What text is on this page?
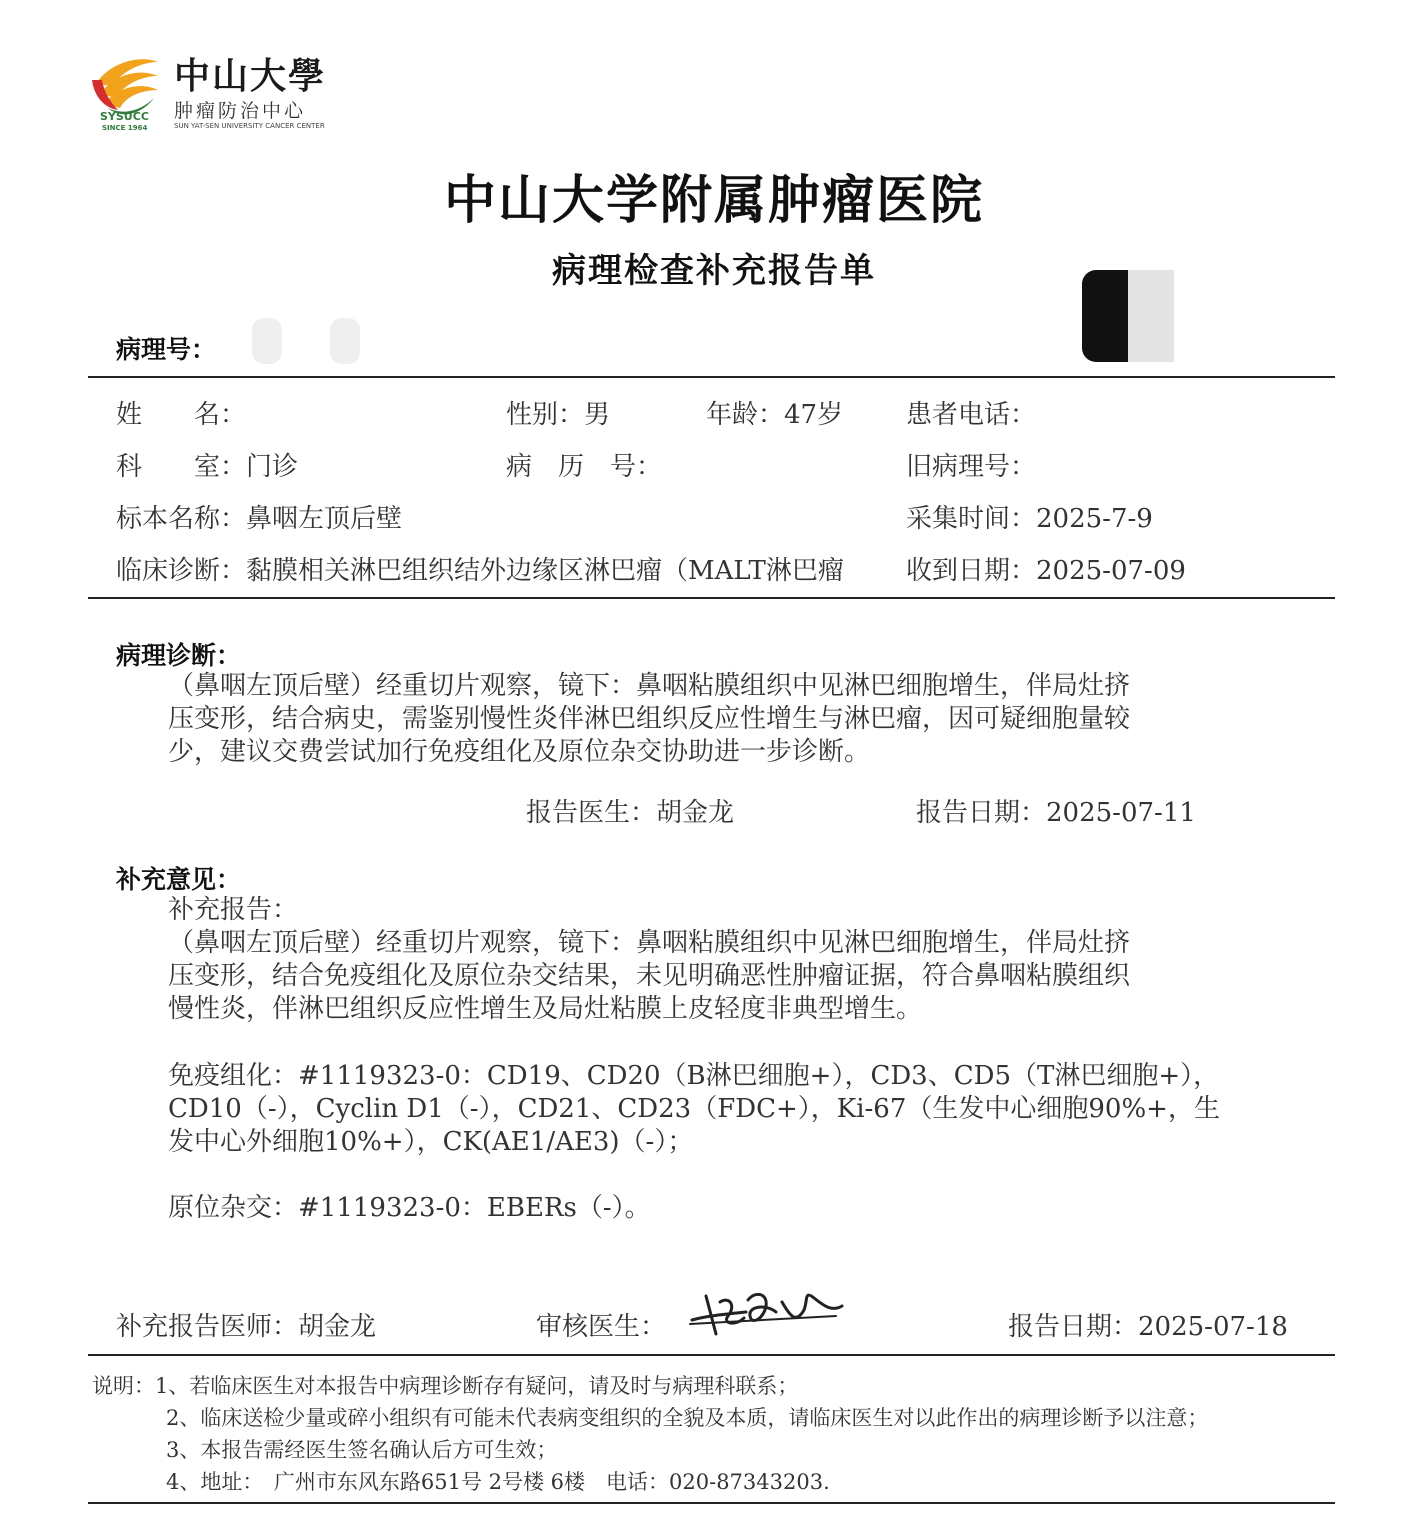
中山大學
肿瘤防治中心
SUN YAT-SEN UNIVERSITY CANCER CENTER
SYSUCC
SINCE 1964
中山大学附属肿瘤医院
病理检查补充报告单
病理号：
姓　　名：	性别：男	年龄：47岁 患者电话：
科　　室：门诊	病　历　号：	旧病理号：
标本名称：鼻咽左顶后壁	采集时间：2025-7-9
临床诊断：黏膜相关淋巴组织结外边缘区淋巴瘤（MALT淋巴瘤 收到日期：2025-07-09
病理诊断：
（鼻咽左顶后壁）经重切片观察，镜下：鼻咽粘膜组织中见淋巴细胞增生，伴局灶挤
压变形，结合病史，需鉴别慢性炎伴淋巴组织反应性增生与淋巴瘤，因可疑细胞量较
少，建议交费尝试加行免疫组化及原位杂交协助进一步诊断。
报告医生：胡金龙	报告日期：2025-07-11
补充意见：
补充报告：
（鼻咽左顶后壁）经重切片观察，镜下：鼻咽粘膜组织中见淋巴细胞增生，伴局灶挤
压变形，结合免疫组化及原位杂交结果，未见明确恶性肿瘤证据，符合鼻咽粘膜组织
慢性炎，伴淋巴组织反应性增生及局灶粘膜上皮轻度非典型增生。
免疫组化：#1119323-0：CD19、CD20（B淋巴细胞+），CD3、CD5（T淋巴细胞+），
CD10（-），Cyclin D1（-），CD21、CD23（FDC+），Ki-67（生发中心细胞90%+，生
发中心外细胞10%+），CK(AE1/AE3)（-）；
原位杂交：#1119323-0：EBERs（-）。
补充报告医师：胡金龙	审核医生：	报告日期：2025-07-18
说明：1、若临床医生对本报告中病理诊断存有疑问，请及时与病理科联系；
2、临床送检少量或碎小组织有可能未代表病变组织的全貌及本质，请临床医生对以此作出的病理诊断予以注意；
3、本报告需经医生签名确认后方可生效；
4、地址：　广州市东风东路651号 2号楼 6楼　电话：020-87343203.
